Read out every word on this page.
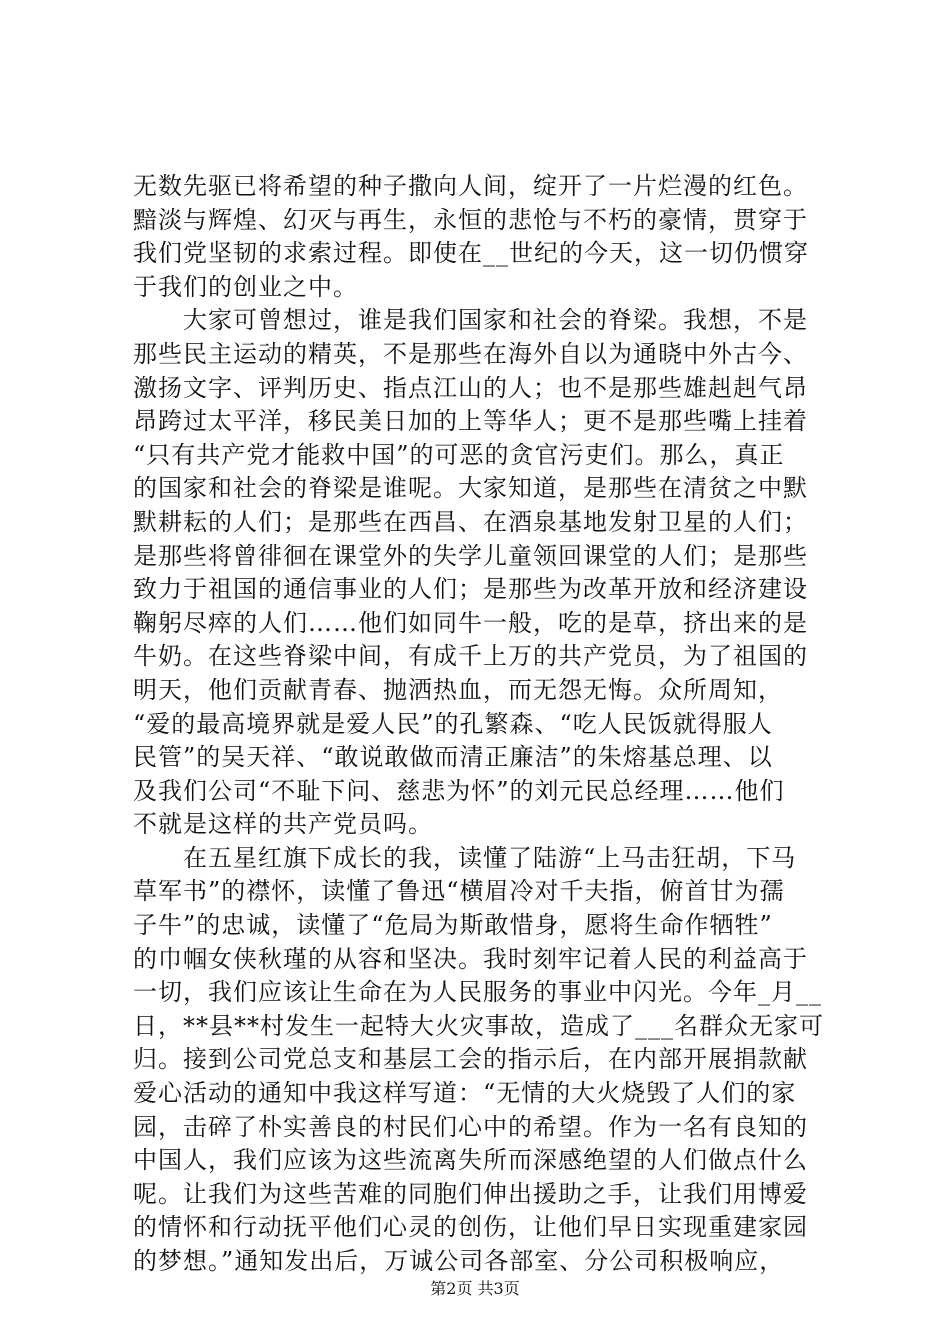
无数先驱已将希望的种子撒向人间，绽开了一片烂漫的红色。
黯淡与辉煌、幻灭与再生，永恒的悲怆与不朽的豪情，贯穿于
我们党坚韧的求索过程。即使在__世纪的今天，这一切仍惯穿
于我们的创业之中。
　　大家可曾想过，谁是我们国家和社会的脊梁。我想，不是
那些民主运动的精英，不是那些在海外自以为通晓中外古今、
激扬文字、评判历史、指点江山的人；也不是那些雄赳赳气昂
昂跨过太平洋，移民美日加的上等华人；更不是那些嘴上挂着
“只有共产党才能救中国”的可恶的贪官污吏们。那么，真正
的国家和社会的脊梁是谁呢。大家知道，是那些在清贫之中默
默耕耘的人们；是那些在西昌、在酒泉基地发射卫星的人们；
是那些将曾徘徊在课堂外的失学儿童领回课堂的人们；是那些
致力于祖国的通信事业的人们；是那些为改革开放和经济建设
鞠躬尽瘁的人们……他们如同牛一般，吃的是草，挤出来的是
牛奶。在这些脊梁中间，有成千上万的共产党员，为了祖国的
明天，他们贡献青春、抛洒热血，而无怨无悔。众所周知，
“爱的最高境界就是爱人民”的孔繁森、“吃人民饭就得服人
民管”的吴天祥、“敢说敢做而清正廉洁”的朱熔基总理、以
及我们公司“不耻下问、慈悲为怀”的刘元民总经理……他们
不就是这样的共产党员吗。
　　在五星红旗下成长的我，读懂了陆游“上马击狂胡，下马
草军书”的襟怀，读懂了鲁迅“横眉冷对千夫指，俯首甘为孺
子牛”的忠诚，读懂了“危局为斯敢惜身，愿将生命作牺牲”
的巾帼女侠秋瑾的从容和坚决。我时刻牢记着人民的利益高于
一切，我们应该让生命在为人民服务的事业中闪光。今年_月__
日，**县**村发生一起特大火灾事故，造成了___名群众无家可
归。接到公司党总支和基层工会的指示后，在内部开展捐款献
爱心活动的通知中我这样写道：“无情的大火烧毁了人们的家
园，击碎了朴实善良的村民们心中的希望。作为一名有良知的
中国人，我们应该为这些流离失所而深感绝望的人们做点什么
呢。让我们为这些苦难的同胞们伸出援助之手，让我们用博爱
的情怀和行动抚平他们心灵的创伤，让他们早日实现重建家园
的梦想。”通知发出后，万诚公司各部室、分公司积极响应，
第2页 共3页
